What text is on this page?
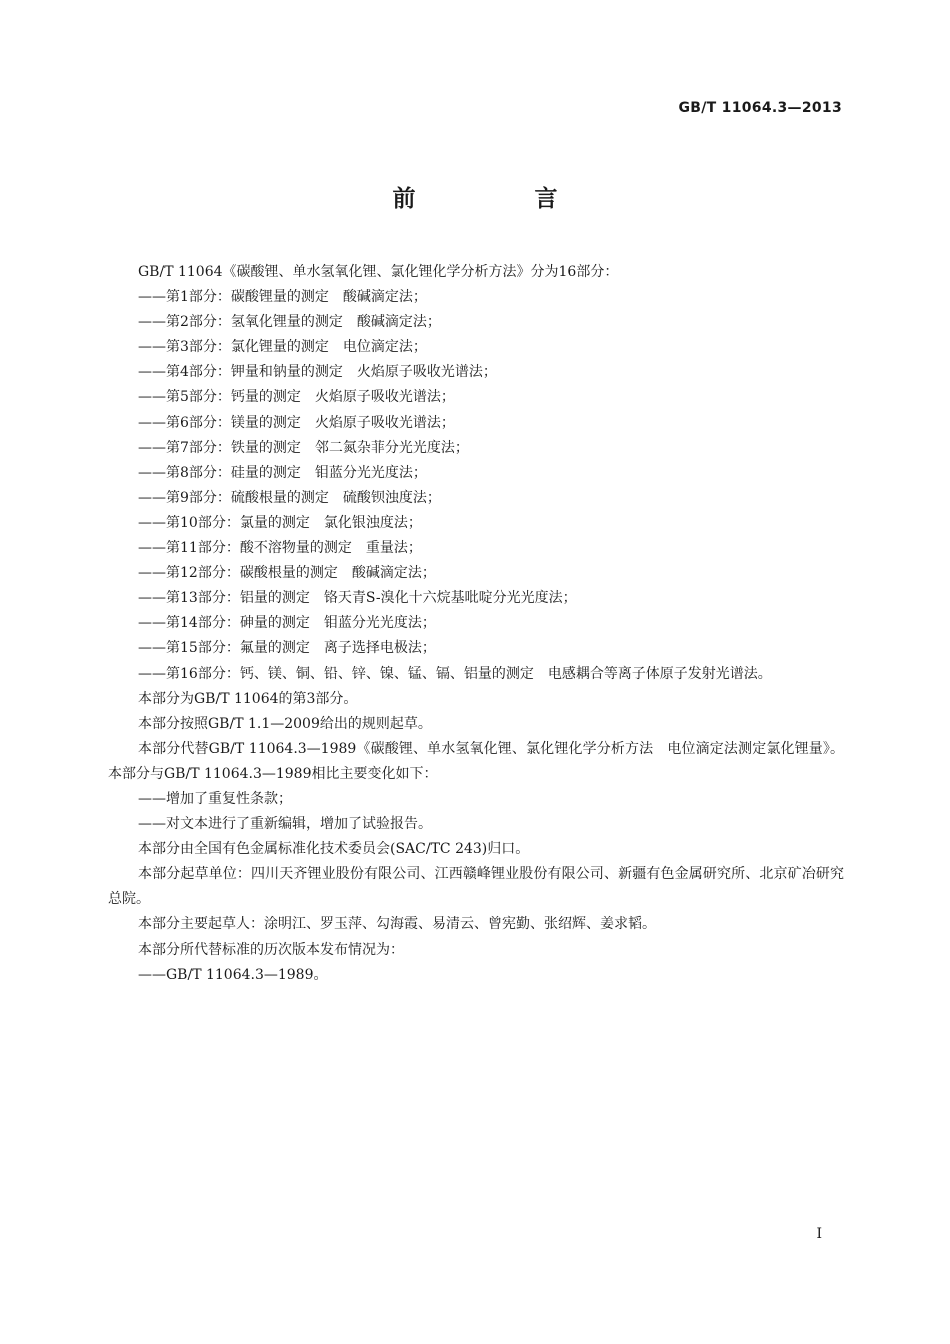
GB/T 11064.3—2013
前　言

GB/T 11064《碳酸锂、单水氢氧化锂、氯化锂化学分析方法》分为16部分：

——第1部分：碳酸锂量的测定　酸碱滴定法；

——第2部分：氢氧化锂量的测定　酸碱滴定法；

——第3部分：氯化锂量的测定　电位滴定法；

——第4部分：钾量和钠量的测定　火焰原子吸收光谱法；

——第5部分：钙量的测定　火焰原子吸收光谱法；

——第6部分：镁量的测定　火焰原子吸收光谱法；

——第7部分：铁量的测定　邻二氮杂菲分光光度法；

——第8部分：硅量的测定　钼蓝分光光度法；

——第9部分：硫酸根量的测定　硫酸钡浊度法；

——第10部分：氯量的测定　氯化银浊度法；

——第11部分：酸不溶物量的测定　重量法；

——第12部分：碳酸根量的测定　酸碱滴定法；

——第13部分：铝量的测定　铬天青S-溴化十六烷基吡啶分光光度法；

——第14部分：砷量的测定　钼蓝分光光度法；

——第15部分：氟量的测定　离子选择电极法；

——第16部分：钙、镁、铜、铅、锌、镍、锰、镉、铝量的测定　电感耦合等离子体原子发射光谱法。

本部分为GB/T 11064的第3部分。

本部分按照GB/T 1.1—2009给出的规则起草。

本部分代替GB/T 11064.3—1989《碳酸锂、单水氢氧化锂、氯化锂化学分析方法　电位滴定法测定氯化锂量》。本部分与GB/T 11064.3—1989相比主要变化如下：

——增加了重复性条款；

——对文本进行了重新编辑，增加了试验报告。

本部分由全国有色金属标准化技术委员会(SAC/TC 243)归口。

本部分起草单位：四川天齐锂业股份有限公司、江西赣峰锂业股份有限公司、新疆有色金属研究所、北京矿冶研究总院。

本部分主要起草人：涂明江、罗玉萍、勾海霞、易清云、曾宪勤、张绍辉、姜求韬。

本部分所代替标准的历次版本发布情况为：

——GB/T 11064.3—1989。

I
